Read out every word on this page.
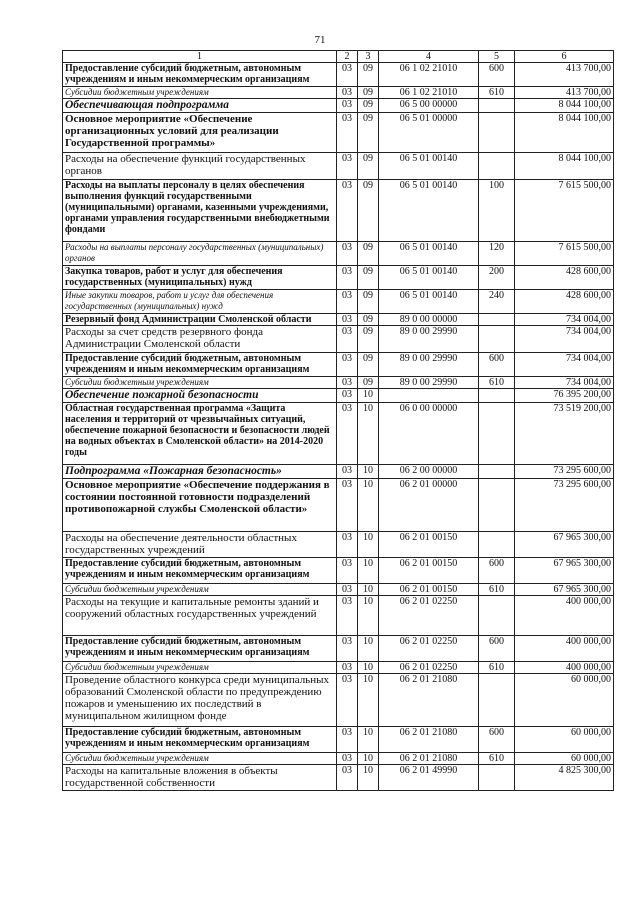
71
1	2	3	4	5	6
Предоставление субсидий бюджетным, автономным учреждениям и иным некоммерческим организациям	03	09	06 1 02 21010	600	413 700,00
Субсидии бюджетным учреждениям	03	09	06 1 02 21010	610	413 700,00
Обеспечивающая подпрограмма	03	09	06 5 00 00000		8 044 100,00
Основное мероприятие «Обеспечение организационных условий для реализации Государственной программы»	03	09	06 5 01 00000		8 044 100,00
Расходы на обеспечение функций государственных органов	03	09	06 5 01 00140		8 044 100,00
Расходы на выплаты персоналу в целях обеспечения выполнения функций государственными (муниципальными) органами, казенными учреждениями, органами управления государственными внебюджетными фондами	03	09	06 5 01 00140	100	7 615 500,00
Расходы на выплаты персоналу государственных (муниципальных) органов	03	09	06 5 01 00140	120	7 615 500,00
Закупка товаров, работ и услуг для обеспечения государственных (муниципальных) нужд	03	09	06 5 01 00140	200	428 600,00
Иные закупки товаров, работ и услуг для обеспечения государственных (муниципальных) нужд	03	09	06 5 01 00140	240	428 600,00
Резервный фонд Администрации Смоленской области	03	09	89 0 00 00000		734 004,00
Расходы за счет средств резервного фонда Администрации Смоленской области	03	09	89 0 00 29990		734 004,00
Предоставление субсидий бюджетным, автономным учреждениям и иным некоммерческим организациям	03	09	89 0 00 29990	600	734 004,00
Субсидии бюджетным учреждениям	03	09	89 0 00 29990	610	734 004,00
Обеспечение пожарной безопасности	03	10			76 395 200,00
Областная государственная программа «Защита населения и территорий от чрезвычайных ситуаций, обеспечение пожарной безопасности и безопасности людей на водных объектах в Смоленской области» на 2014-2020 годы	03	10	06 0 00 00000		73 519 200,00
Подпрограмма «Пожарная безопасность»	03	10	06 2 00 00000		73 295 600,00
Основное мероприятие «Обеспечение поддержания в состоянии постоянной готовности подразделений противопожарной службы Смоленской области»	03	10	06 2 01 00000		73 295 600,00
Расходы на обеспечение деятельности областных государственных учреждений	03	10	06 2 01 00150		67 965 300,00
Предоставление субсидий бюджетным, автономным учреждениям и иным некоммерческим организациям	03	10	06 2 01 00150	600	67 965 300,00
Субсидии бюджетным учреждениям	03	10	06 2 01 00150	610	67 965 300,00
Расходы на текущие и капитальные ремонты зданий и сооружений областных государственных учреждений	03	10	06 2 01 02250		400 000,00
Предоставление субсидий бюджетным, автономным учреждениям и иным некоммерческим организациям	03	10	06 2 01 02250	600	400 000,00
Субсидии бюджетным учреждениям	03	10	06 2 01 02250	610	400 000,00
Проведение областного конкурса среди муниципальных образований Смоленской области по предупреждению пожаров и уменьшению их последствий в муниципальном жилищном фонде	03	10	06 2 01 21080		60 000,00
Предоставление субсидий бюджетным, автономным учреждениям и иным некоммерческим организациям	03	10	06 2 01 21080	600	60 000,00
Субсидии бюджетным учреждениям	03	10	06 2 01 21080	610	60 000,00
Расходы на капитальные вложения в объекты государственной собственности	03	10	06 2 01 49990		4 825 300,00
